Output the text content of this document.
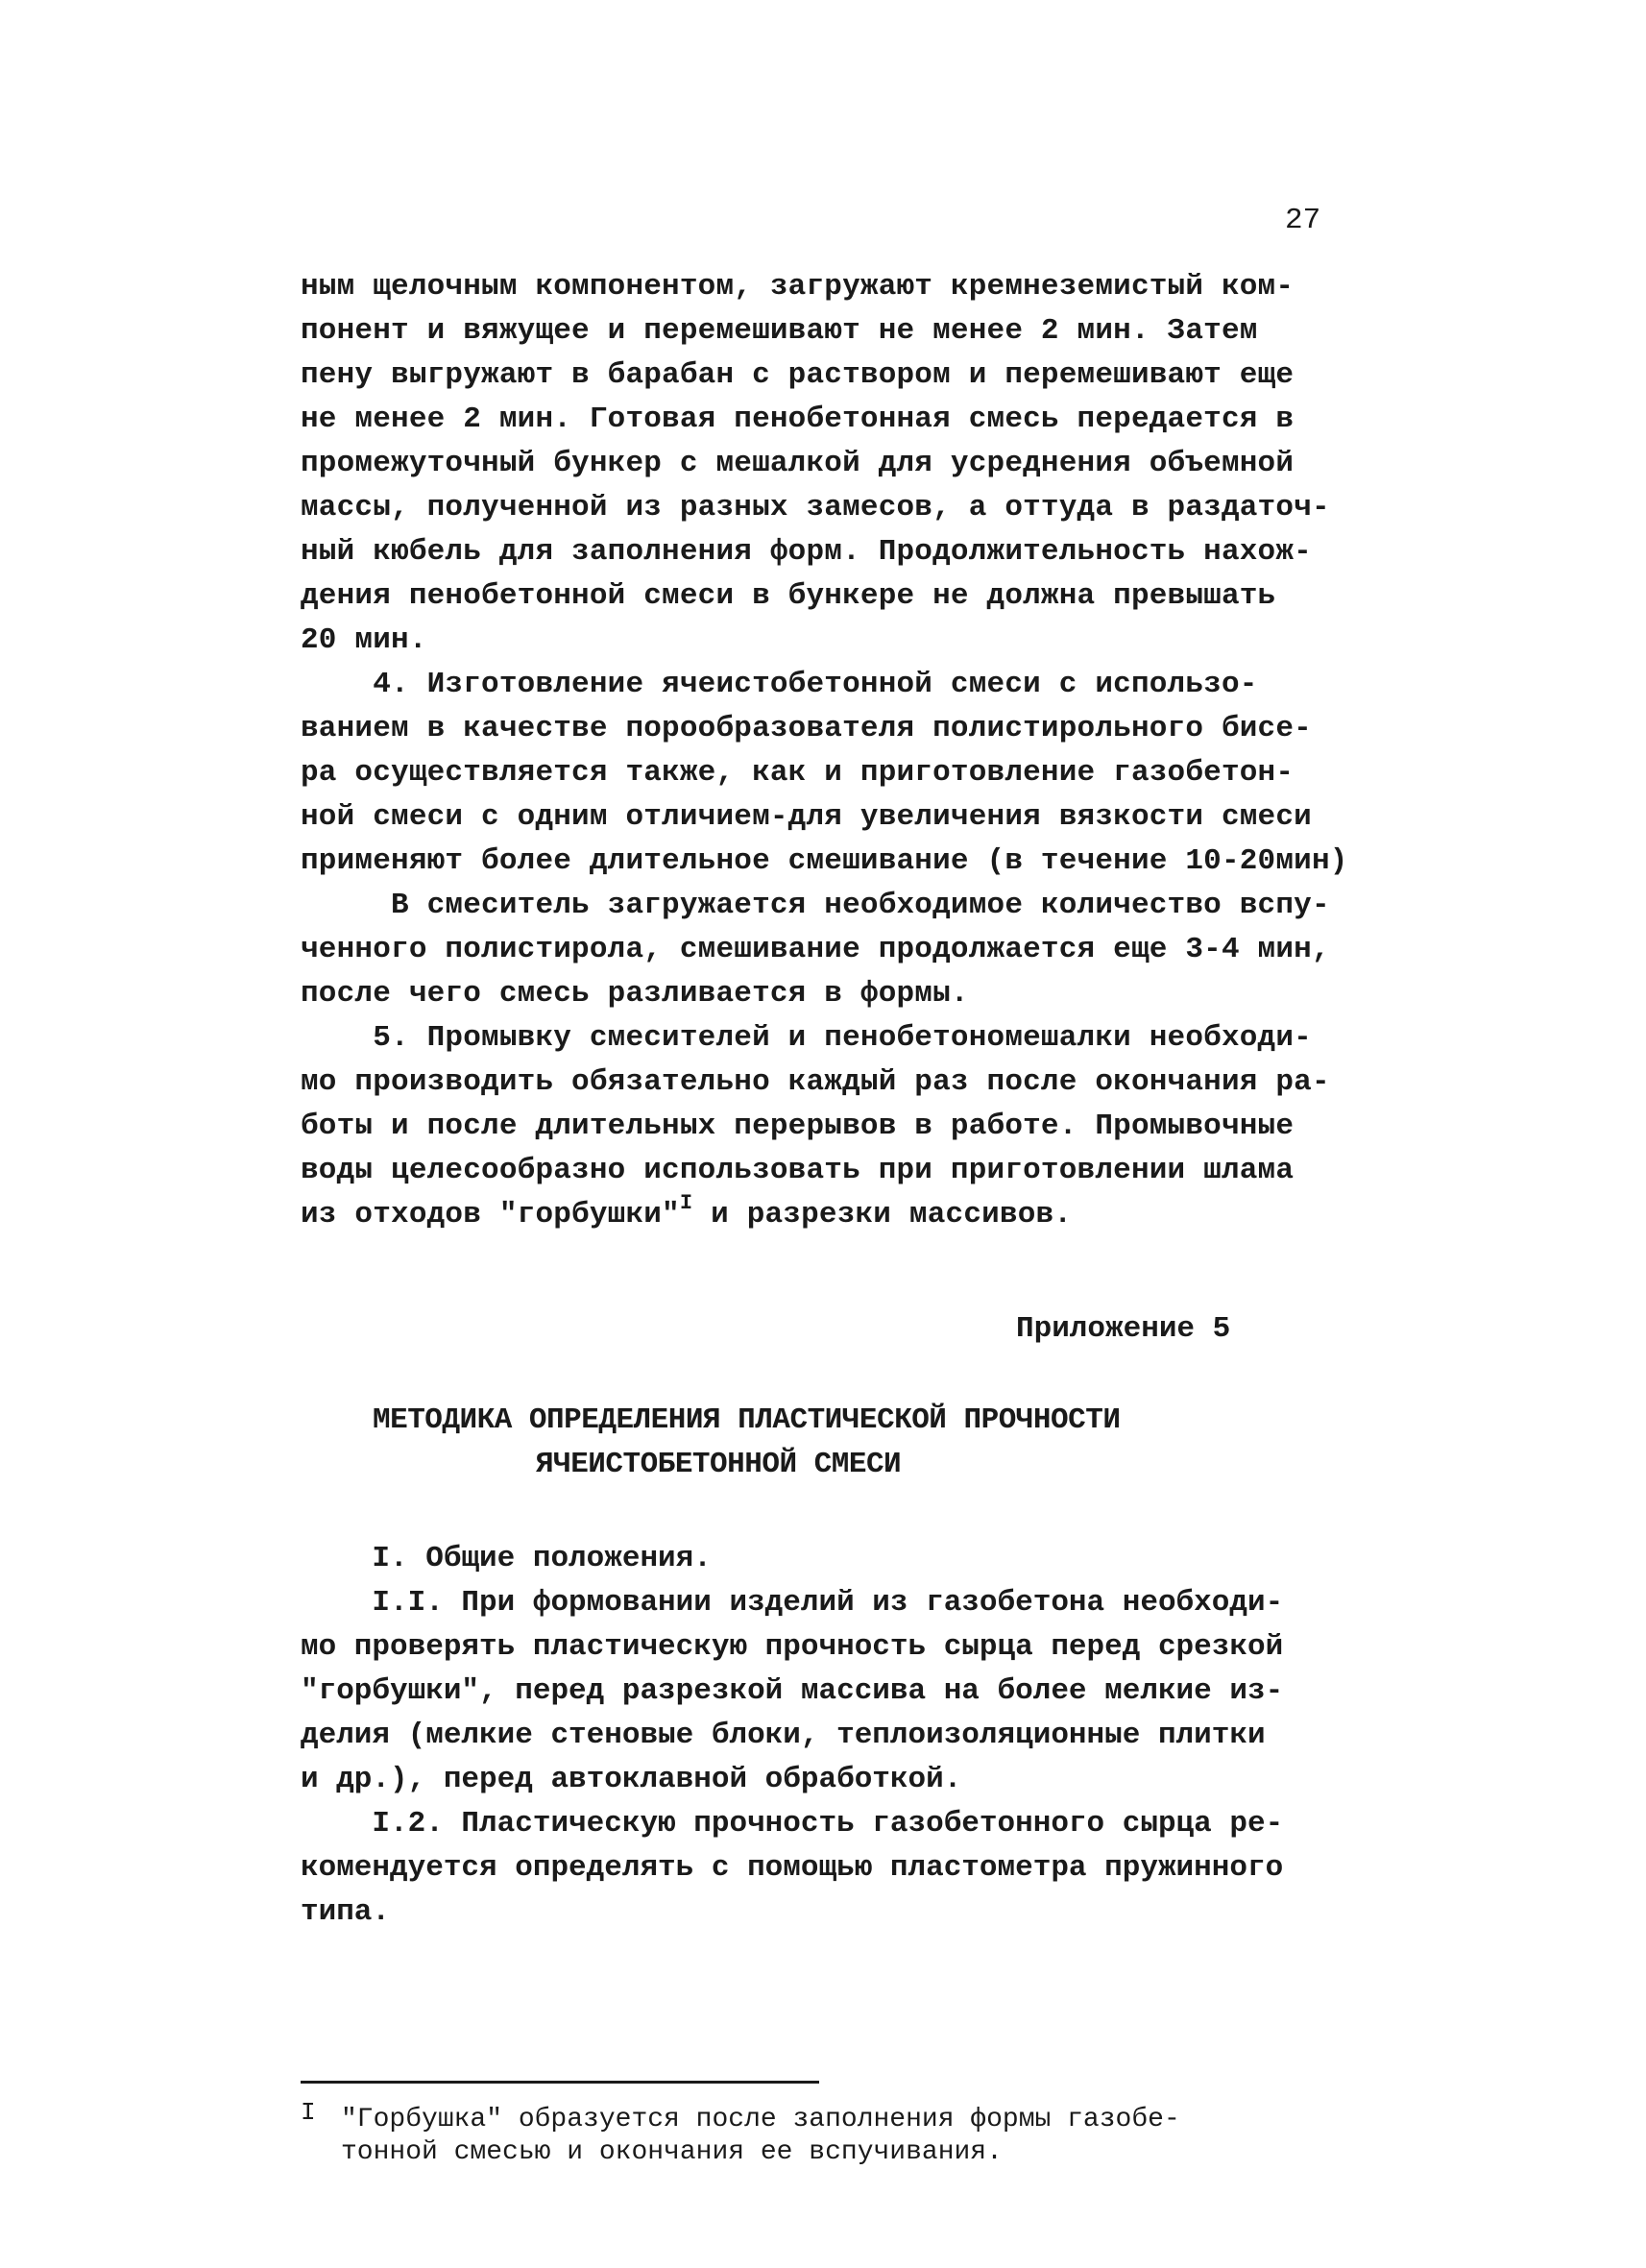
27
ным щелочным компонентом, загружают кремнеземистый ком-
понент и вяжущее и перемешивают не менее 2 мин. Затем
пену выгружают в барабан с раствором и перемешивают еще
не менее 2 мин. Готовая пенобетонная смесь передается в
промежуточный бункер с мешалкой для усреднения объемной
массы, полученной из разных замесов, а оттуда в раздаточ-
ный кюбель для заполнения форм. Продолжительность нахож-
дения пенобетонной смеси в бункере не должна превышать
20 мин.
4. Изготовление ячеистобетонной смеси с использо-
ванием в качестве порообразователя полистирольного бисе-
ра осуществляется также, как и приготовление газобетон-
ной смеси с одним отличием-для увеличения вязкости смеси
применяют более длительное смешивание (в течение 10-20мин)
В смеситель загружается необходимое количество вспу-
ченного полистирола, смешивание продолжается еще 3-4 мин,
после чего смесь разливается в формы.
5. Промывку смесителей и пенобетономешалки необходи-
мо производить обязательно каждый раз после окончания ра-
боты и после длительных перерывов в работе. Промывочные
воды целесообразно использовать при приготовлении шлама
из отходов "горбушки"$^I$ и разрезки массивов.
Приложение 5
МЕТОДИКА ОПРЕДЕЛЕНИЯ ПЛАСТИЧЕСКОЙ ПРОЧНОСТИ
ЯЧЕИСТОБЕТОННОЙ СМЕСИ
I. Общие положения.
I.I. При формовании изделий из газобетона необходи-
мо проверять пластическую прочность сырца перед срезкой
"горбушки", перед разрезкой массива на более мелкие из-
делия (мелкие стеновые блоки, теплоизоляционные плитки
и др.), перед автоклавной обработкой.
I.2. Пластическую прочность газобетонного сырца ре-
комендуется определять с помощью пластометра пружинного
типа.
I "Горбушка" образуется после заполнения формы газобе-
тонной смесью и окончания ее вспучивания.
